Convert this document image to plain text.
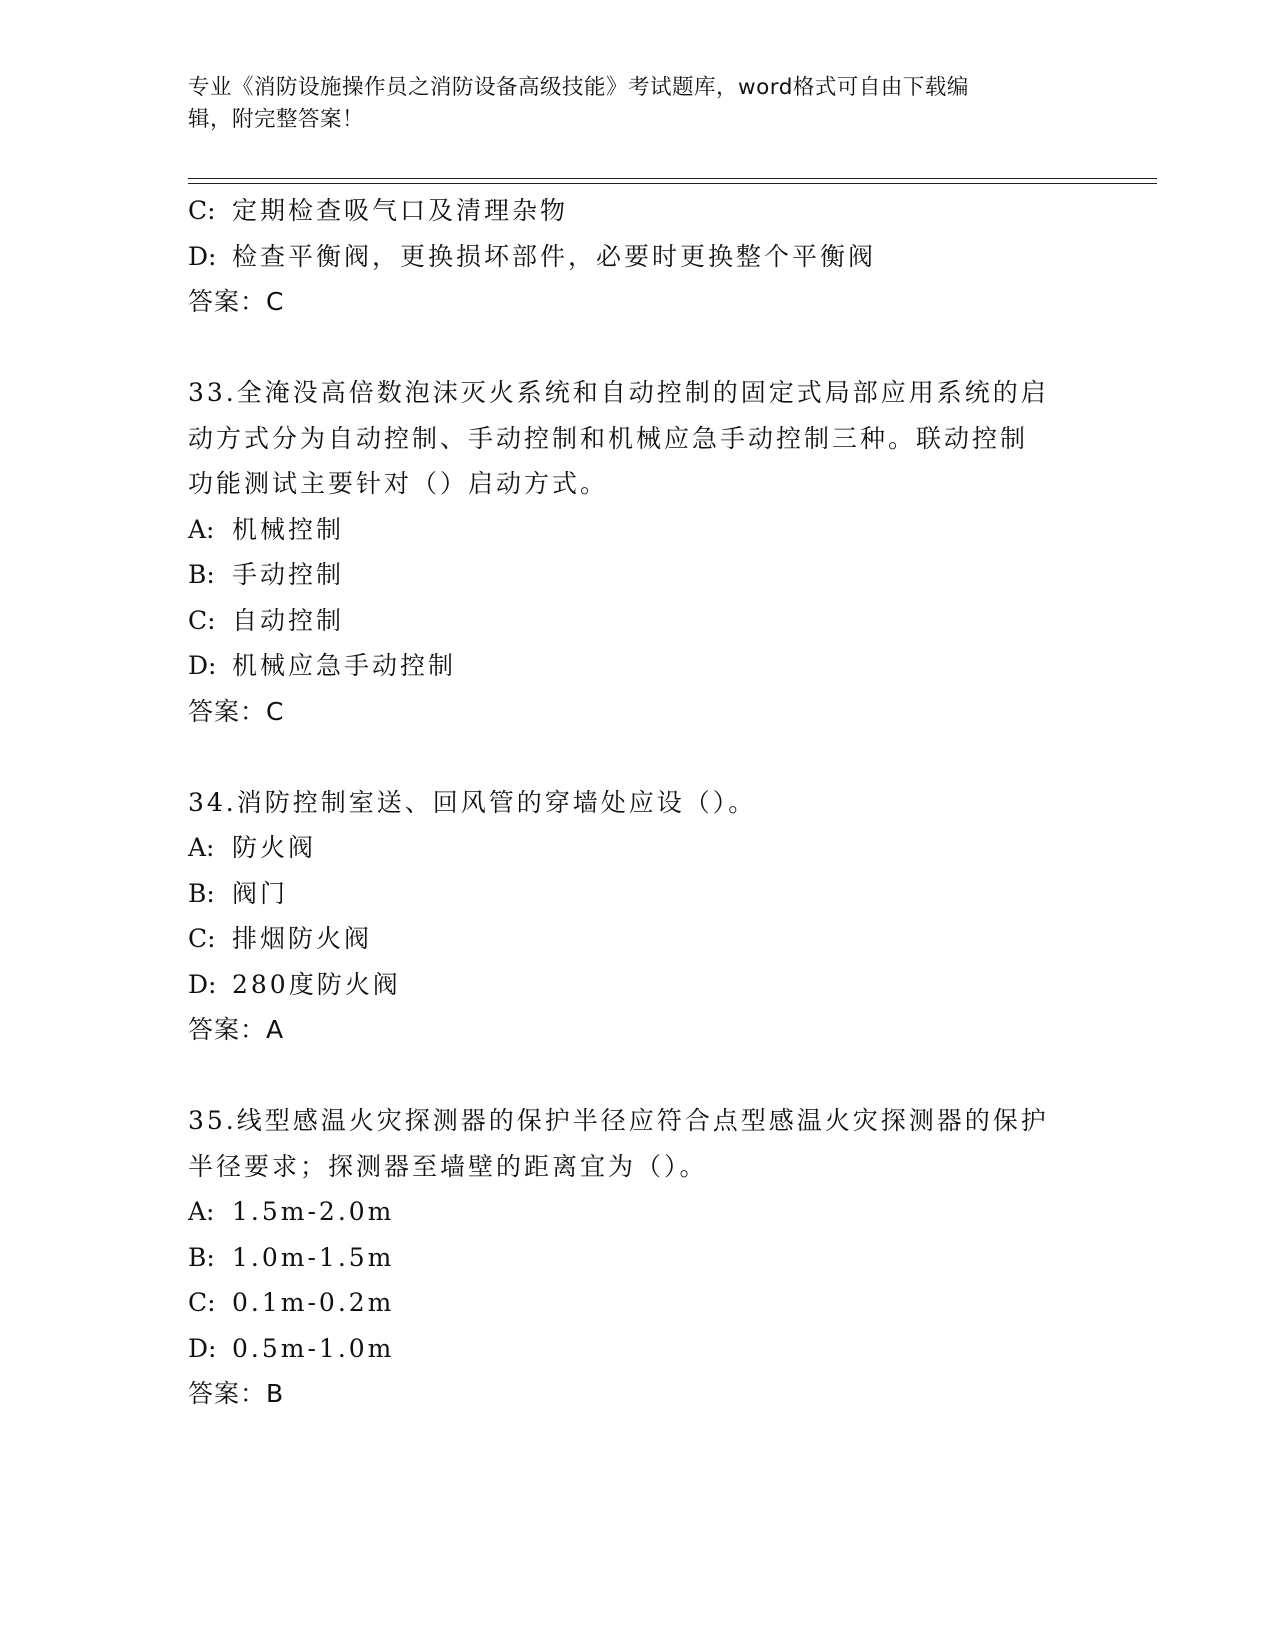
专业《消防设施操作员之消防设备高级技能》考试题库，word格式可自由下载编
辑，附完整答案！
C: 定期检查吸气口及清理杂物
D: 检查平衡阀，更换损坏部件，必要时更换整个平衡阀
答案：C
33.全淹没高倍数泡沫灭火系统和自动控制的固定式局部应用系统的启
动方式分为自动控制、手动控制和机械应急手动控制三种。联动控制
功能测试主要针对（）启动方式。
A: 机械控制
B: 手动控制
C: 自动控制
D: 机械应急手动控制
答案：C
34.消防控制室送、回风管的穿墙处应设（）。
A: 防火阀
B: 阀门
C: 排烟防火阀
D: 280度防火阀
答案：A
35.线型感温火灾探测器的保护半径应符合点型感温火灾探测器的保护
半径要求；探测器至墙壁的距离宜为（）。
A: 1.5m-2.0m
B: 1.0m-1.5m
C: 0.1m-0.2m
D: 0.5m-1.0m
答案：B
